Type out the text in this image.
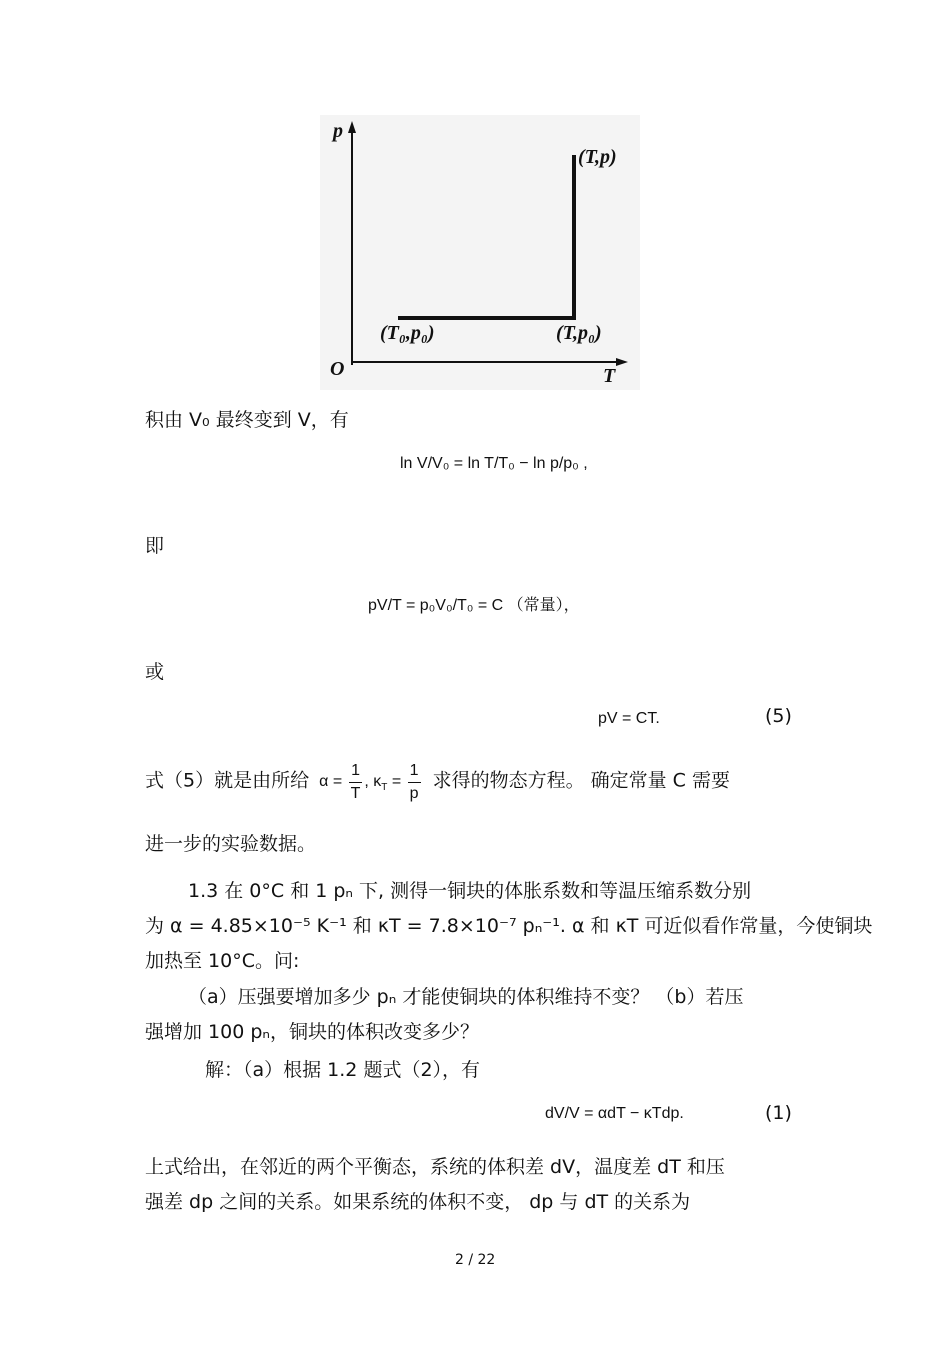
p
T
O
(T₀,p₀)	(T,p₀)
(T,p)
积由 V₀ 最终变到 V，有
ln V/V₀ = ln T/T₀ − ln p/p₀ ,
即
pV/T = p₀V₀/T₀ = C （常量），
或
pV = CT.	(5)
式（5）就是由所给 $\alpha = \frac{1}{T}$ , $\kappa_T = \frac{1}{p}$ 求得的物态方程。 确定常量 C 需要
进一步的实验数据。
1.3 在 0°C 和 1 pₙ 下, 测得一铜块的体胀系数和等温压缩系数分别
为 α = 4.85×10⁻⁵ K⁻¹ 和 κT = 7.8×10⁻⁷ pₙ⁻¹. α 和 κT 可近似看作常量，今使铜块
加热至 10°C。问:
（a）压强要增加多少 pₙ 才能使铜块的体积维持不变？ （b）若压
强增加 100 pₙ，铜块的体积改变多少？
解：（a）根据 1.2 题式（2），有
dV/V = αdT − κTdp.	(1)
上式给出，在邻近的两个平衡态，系统的体积差 dV，温度差 dT 和压
强差 dp 之间的关系。如果系统的体积不变， dp 与 dT 的关系为
2 / 22
